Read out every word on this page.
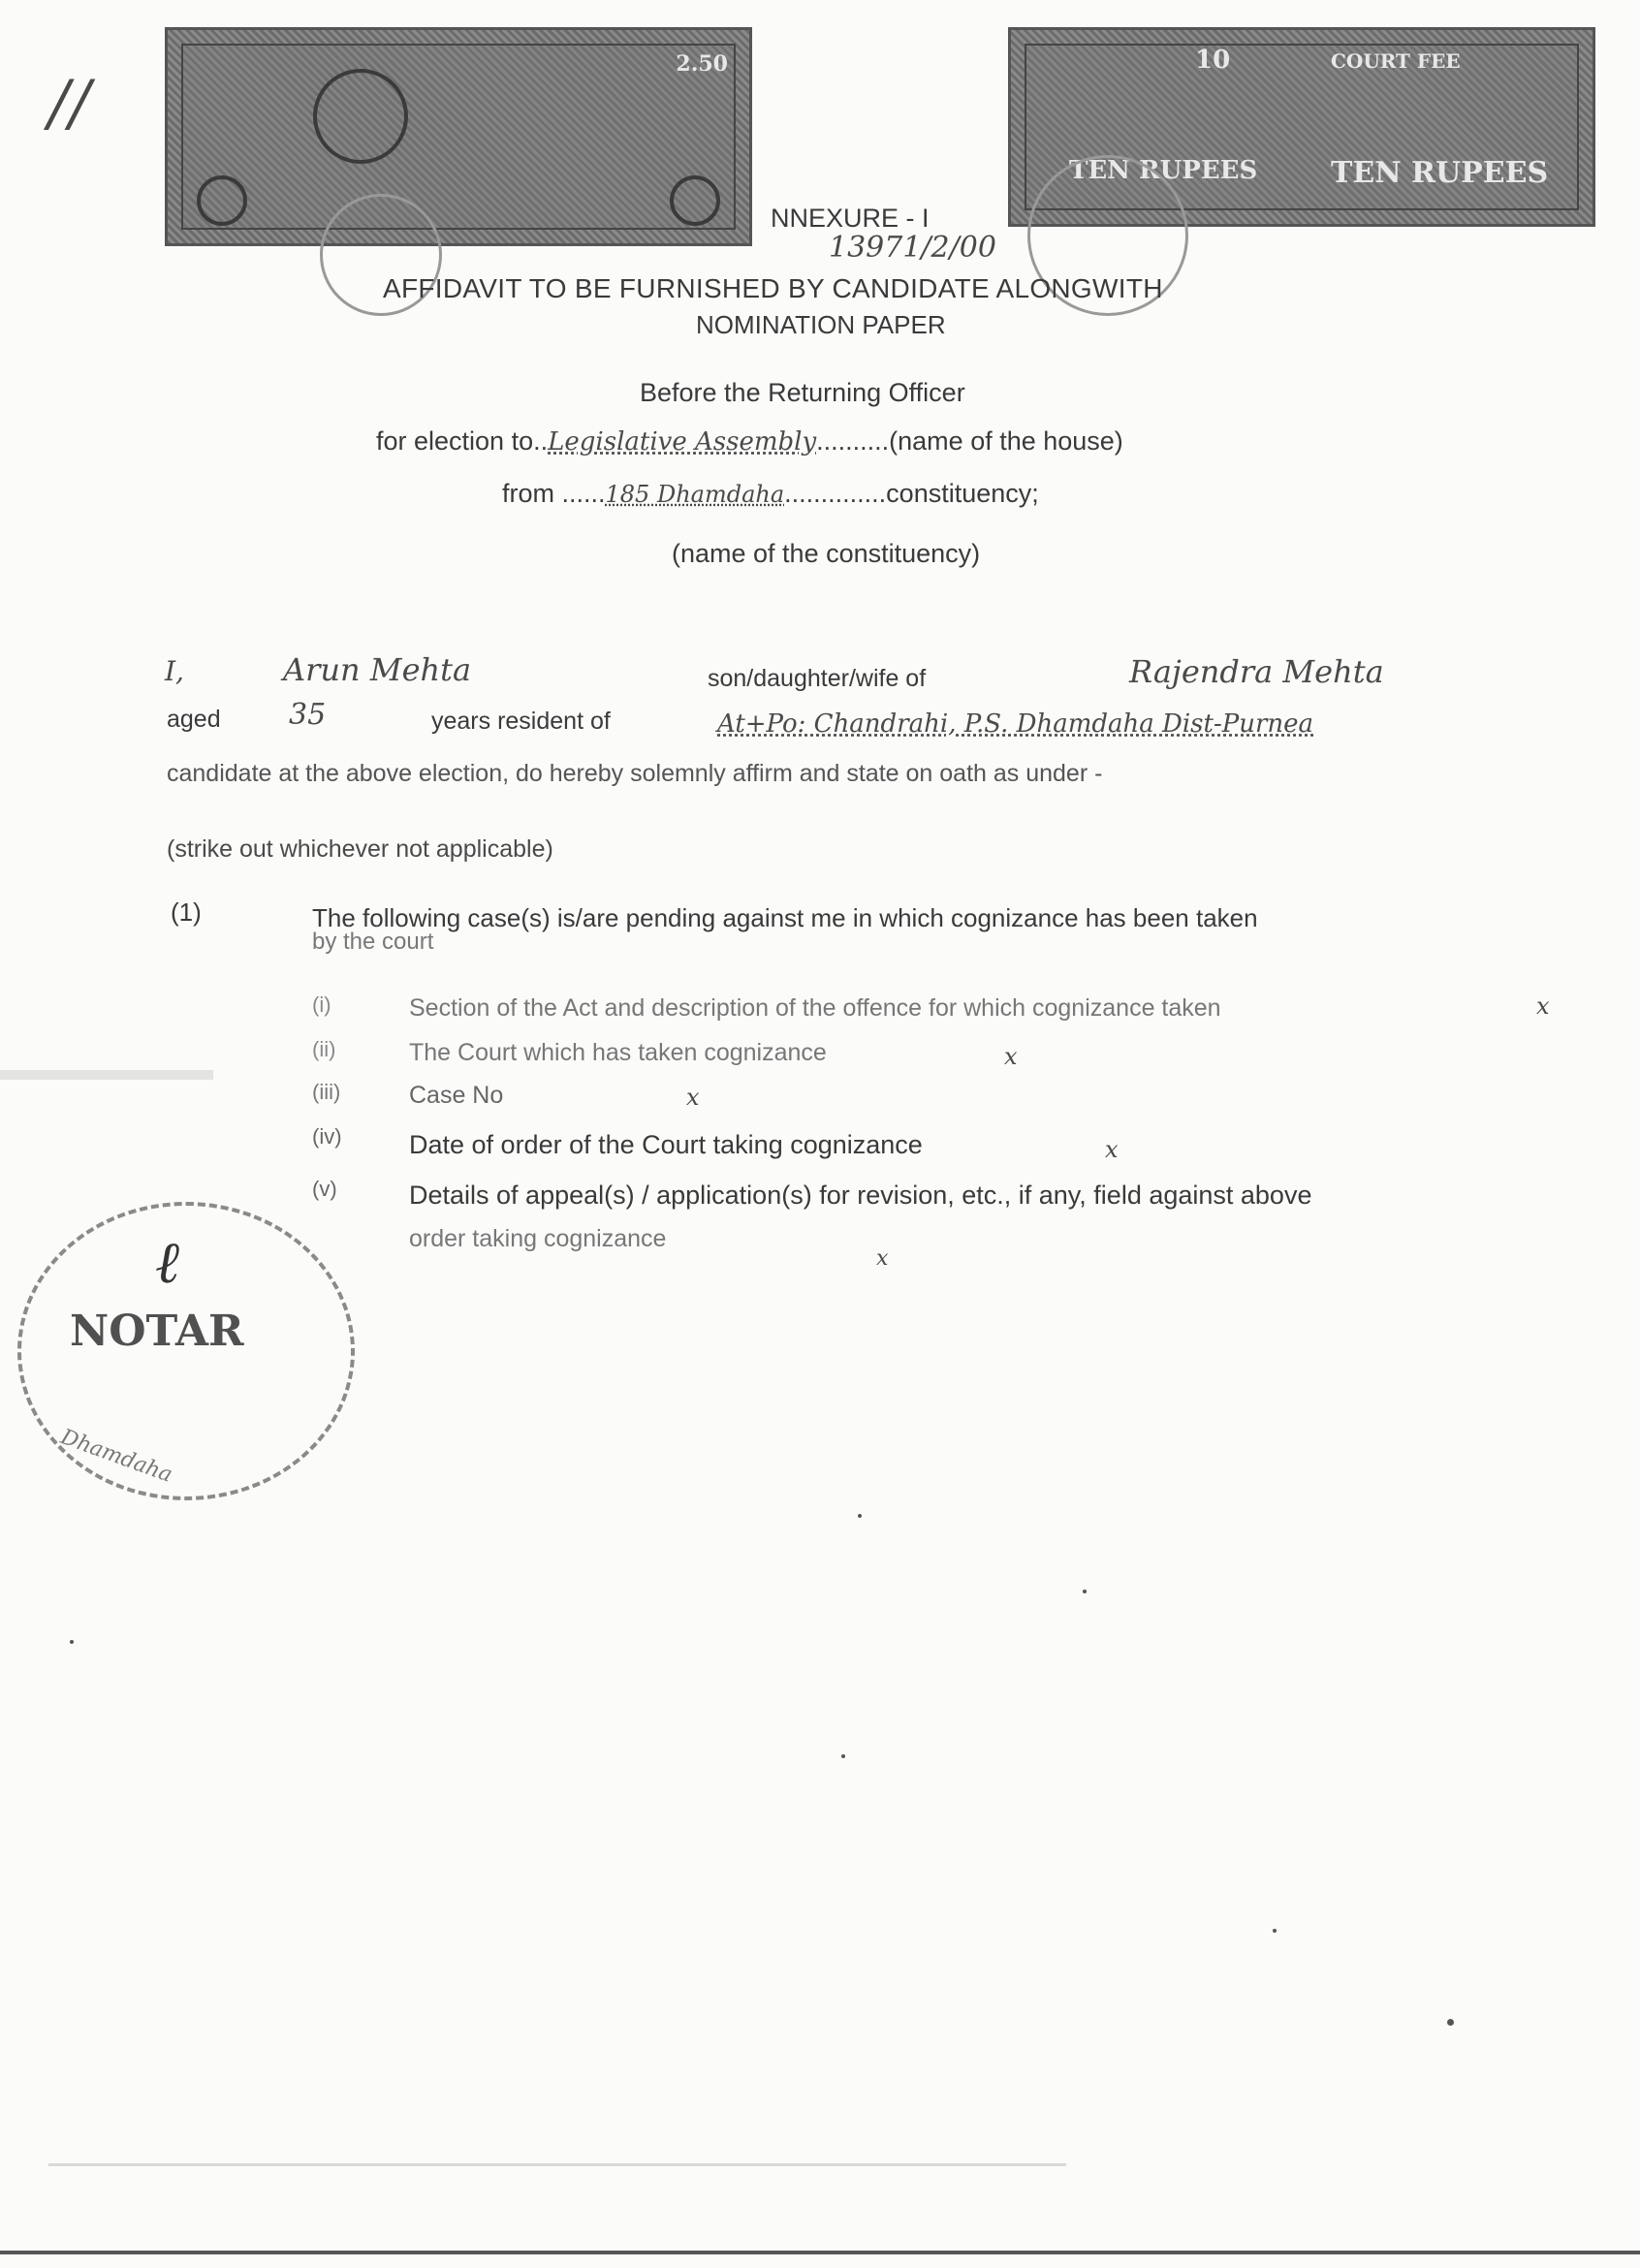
2.50	10	COURT FEE
TEN RUPEES	TEN RUPEES
//
NNEXURE - I
13971/2/00
AFFIDAVIT TO BE FURNISHED BY CANDIDATE ALONGWITH
NOMINATION PAPER
Before the Returning Officer
for election to..Legislative Assembly..........(name of the house)
from ......185 Dhamdaha..............constituency;
(name of the constituency)
I,	Arun Mehta	son/daughter/wife of	Rajendra Mehta
aged 35	years resident of	At+Po: Chandrahi, P.S. Dhamdaha Dist-Purnea
candidate at the above election, do hereby solemnly affirm and state on oath as under -
(strike out whichever not applicable)
(1)	The following case(s) is/are pending against me in which cognizance has been taken
by the court
(i)	Section of the Act and description of the offence for which cognizance taken	x
(ii)	The Court which has taken cognizance	x
(iii)	Case No	x
(iv)	Date of order of the Court taking cognizance	x
(v)	Details of appeal(s) / application(s) for revision, etc., if any, field against above
order taking cognizance
x
NOTAR
Dhamdaha
ℓ
